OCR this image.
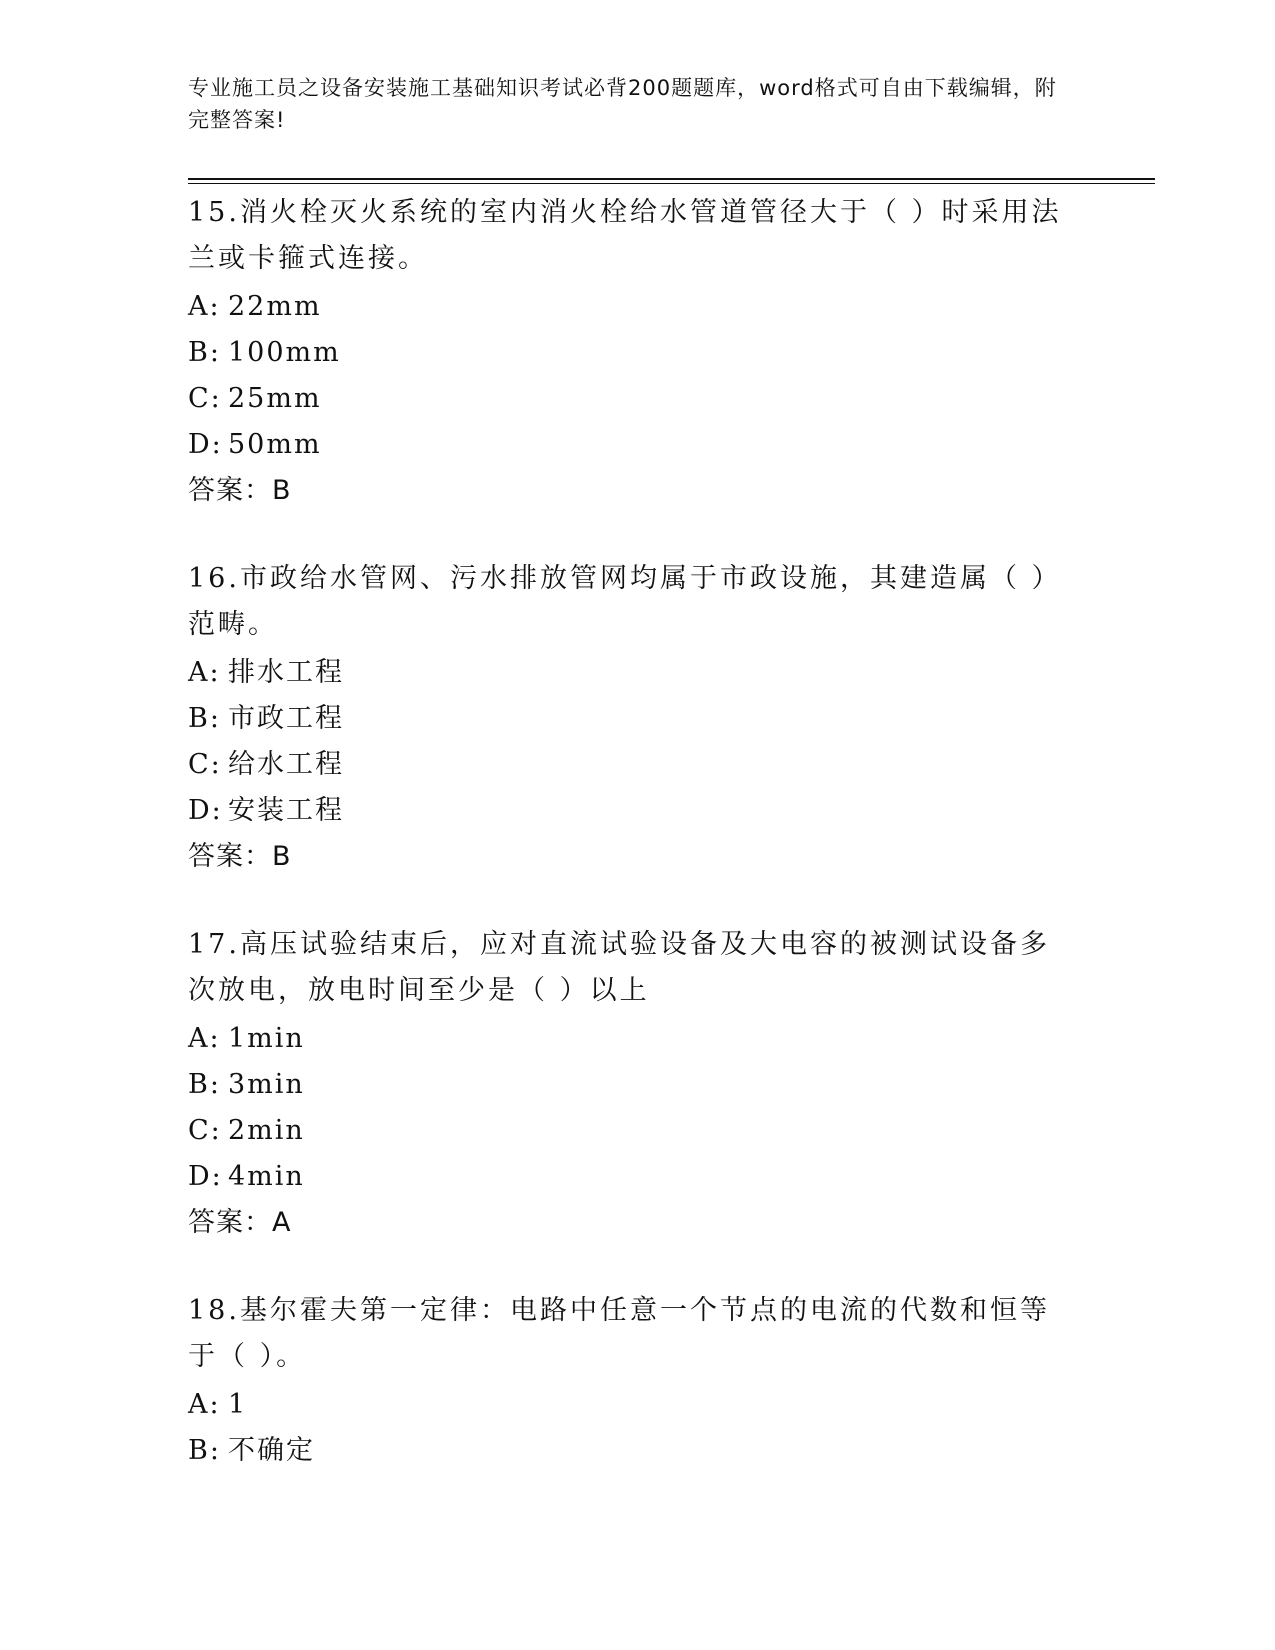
专业施工员之设备安装施工基础知识考试必背200题题库，word格式可自由下载编辑，附完整答案!
15.消火栓灭火系统的室内消火栓给水管道管径大于（ ）时采用法兰或卡箍式连接。
A: 22mm
B: 100mm
C: 25mm
D: 50mm
答案：B
16.市政给水管网、污水排放管网均属于市政设施，其建造属（ ）范畴。
A: 排水工程
B: 市政工程
C: 给水工程
D: 安装工程
答案：B
17.高压试验结束后，应对直流试验设备及大电容的被测试设备多次放电，放电时间至少是（ ）以上
A: 1min
B: 3min
C: 2min
D: 4min
答案：A
18.基尔霍夫第一定律：电路中任意一个节点的电流的代数和恒等于（ ）。
A: 1
B: 不确定
